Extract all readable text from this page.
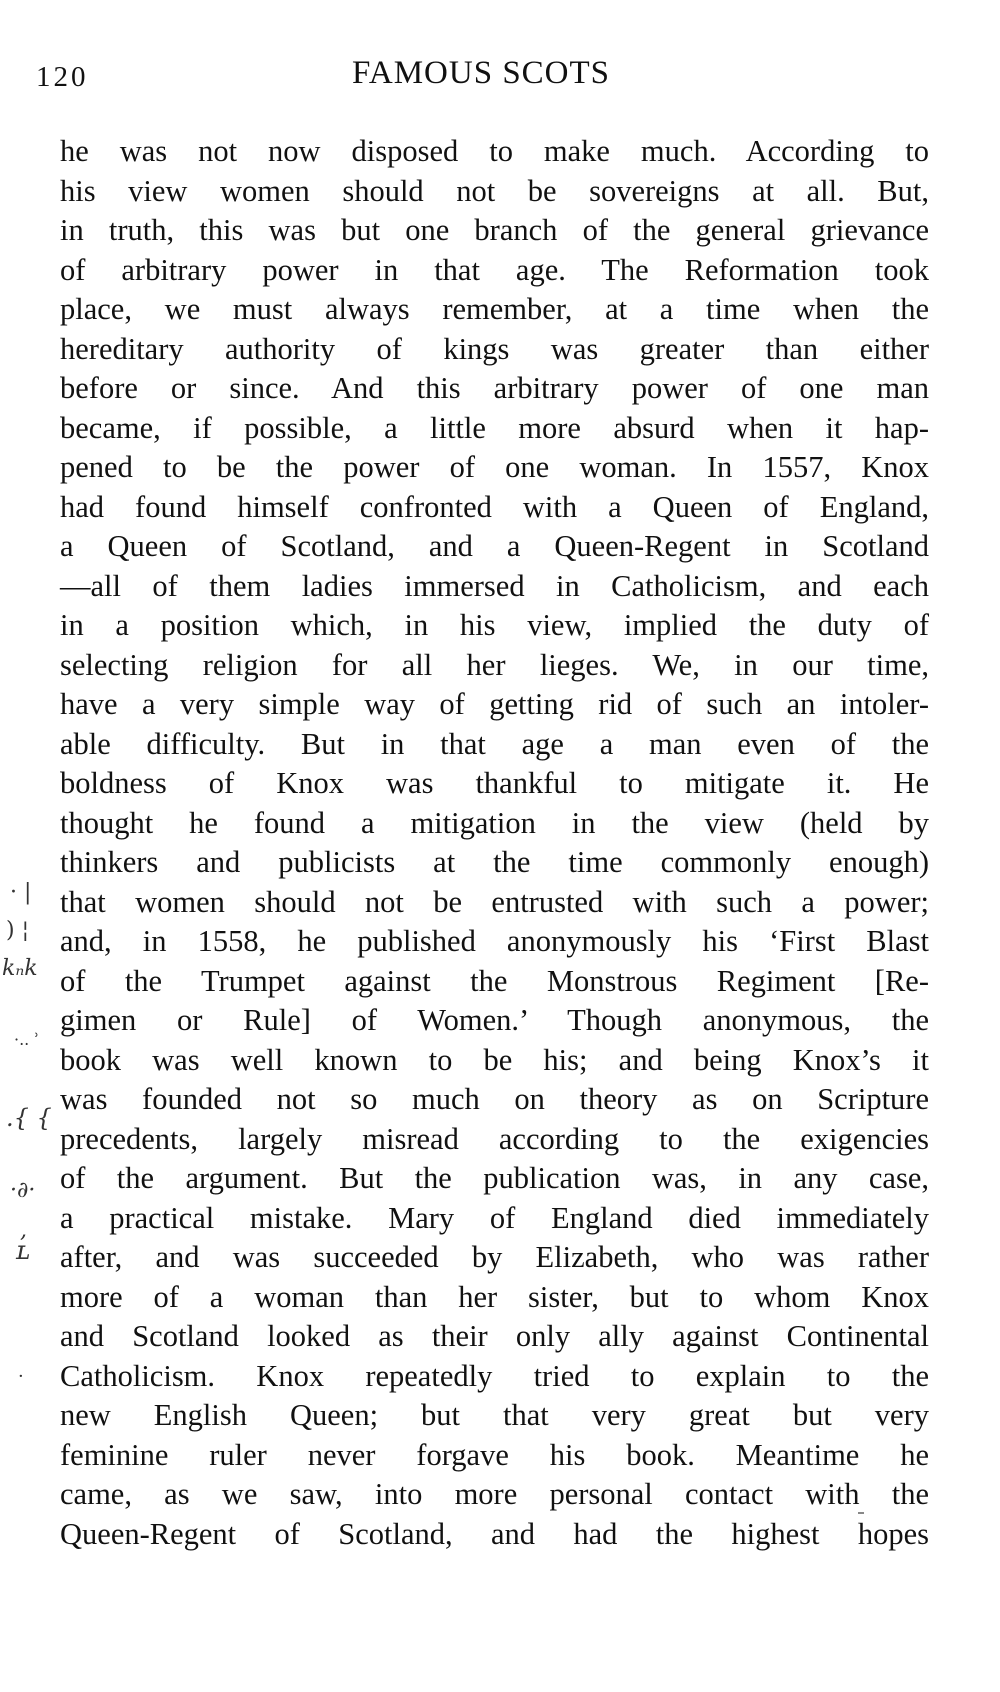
120	FAMOUS SCOTS
· |
) ¦
kₙk
·.. ʾ
.{ {
·∂·
,
ʟ
·
he was not now disposed to make much. According to
his view women should not be sovereigns at all. But,
in truth, this was but one branch of the general grievance
of arbitrary power in that age. The Reformation took
place, we must always remember, at a time when the
hereditary authority of kings was greater than either
before or since. And this arbitrary power of one man
became, if possible, a little more absurd when it hap-
pened to be the power of one woman. In 1557, Knox
had found himself confronted with a Queen of England,
a Queen of Scotland, and a Queen-Regent in Scotland
—all of them ladies immersed in Catholicism, and each
in a position which, in his view, implied the duty of
selecting religion for all her lieges. We, in our time,
have a very simple way of getting rid of such an intoler-
able difficulty. But in that age a man even of the
boldness of Knox was thankful to mitigate it. He
thought he found a mitigation in the view (held by
thinkers and publicists at the time commonly enough)
that women should not be entrusted with such a power;
and, in 1558, he published anonymously his ‘First Blast
of the Trumpet against the Monstrous Regiment [Re-
gimen or Rule] of Women.’ Though anonymous, the
book was well known to be his; and being Knox’s it
was founded not so much on theory as on Scripture
precedents, largely misread according to the exigencies
of the argument. But the publication was, in any case,
a practical mistake. Mary of England died immediately
after, and was succeeded by Elizabeth, who was rather
more of a woman than her sister, but to whom Knox
and Scotland looked as their only ally against Continental
Catholicism. Knox repeatedly tried to explain to the
new English Queen; but that very great but very
feminine ruler never forgave his book. Meantime he
came, as we saw, into more personal contact with the
Queen-Regent of Scotland, and had the highest hopes
